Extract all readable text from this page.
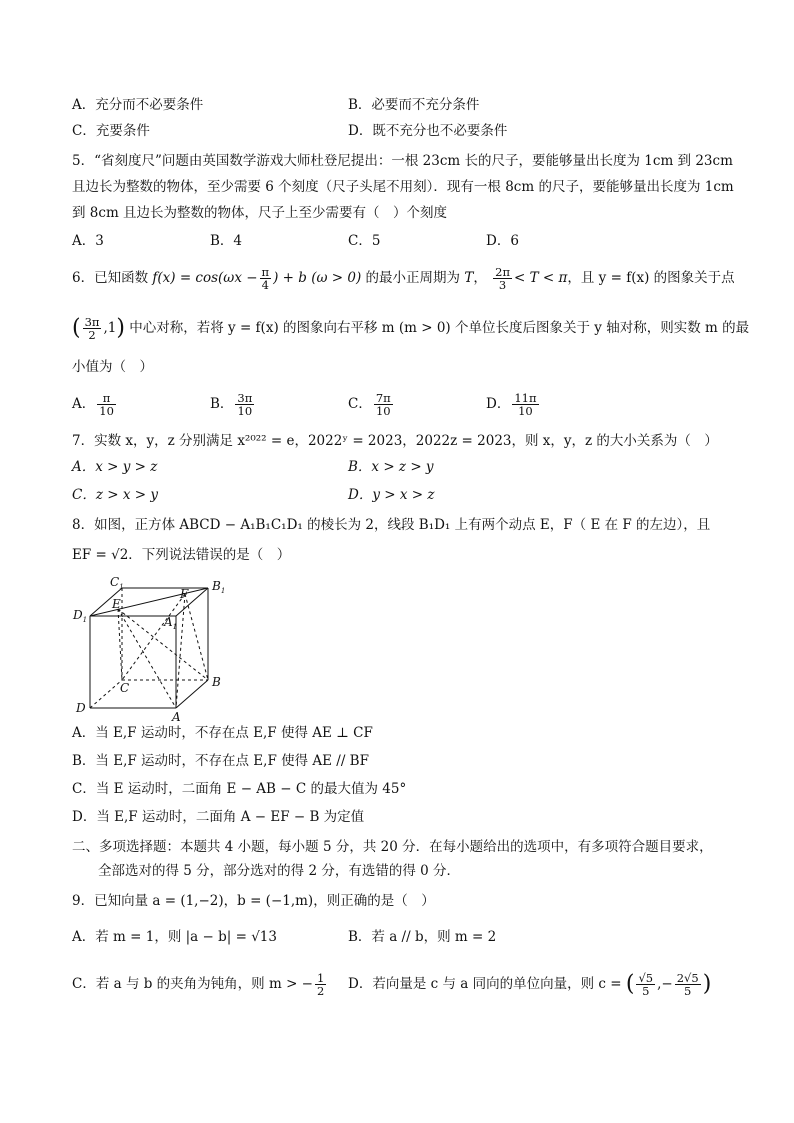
A．充分而不必要条件	B．必要而不充分条件
C．充要条件	D．既不充分也不必要条件
5．“省刻度尺”问题由英国数学游戏大师杜登尼提出：一根 23cm 长的尺子，要能够量出长度为 1cm 到 23cm
且边长为整数的物体，至少需要 6 个刻度（尺子头尾不用刻）．现有一根 8cm 的尺子，要能够量出长度为 1cm
到 8cm 且边长为整数的物体，尺子上至少需要有（　）个刻度
A．3	B．4	C．5	D．6
6．已知函数 $f(x) = \cos(\omega x - \frac{\pi}{4}$ ) + b (ω > 0) 的最小正周期为 T， $\frac{2\pi}{3} < T < \pi$，且 y = f(x) 的图象关于点
( $\frac{3\pi}{2} ,1$) 中心对称，若将 y = f(x) 的图象向右平移 m (m > 0) 个单位长度后图象关于 y 轴对称，则实数 m 的最
小值为（　）
A． $\frac{\pi}{10}$	B． $\frac{3\pi}{10}$	C． $\frac{7\pi}{10}$	D． $\frac{11\pi}{10}$
7．实数 x，y，z 分别满足 x²⁰²² = e，2022ʸ = 2023，2022z = 2023，则 x，y，z 的大小关系为（　）
A．x > y > z	B．x > z > y
C．z > x > y	D．y > x > z
8．如图，正方体 ABCD − A₁B₁C₁D₁ 的棱长为 2，线段 B₁D₁ 上有两个动点 E，F（ E 在 F 的左边），且
EF = √2．下列说法错误的是（　）
$C_1$	$B_1$
$D_1$
E
F
$A_1$
C	B
D
A
A．当 E,F 运动时，不存在点 E,F 使得 AE ⊥ CF
B．当 E,F 运动时，不存在点 E,F 使得 AE // BF
C．当 E 运动时，二面角 E − AB − C 的最大值为 45°
D．当 E,F 运动时，二面角 A − EF − B 为定值
二、多项选择题：本题共 4 小题，每小题 5 分，共 20 分．在每小题给出的选项中，有多项符合题目要求，
全部选对的得 5 分，部分选对的得 2 分，有选错的得 0 分．
9．已知向量 a = (1,−2)，b = (−1,m)，则正确的是（　）
A．若 m = 1，则 |a − b| = √13	B．若 a // b，则 m = 2
C．若 a 与 b 的夹角为钝角，则 m > − $\frac{1}{2}$ D．若向量是 c 与 a 同向的单位向量，则 c = ( $\frac{√5}{5}$ ,− $\frac{2√5}{5}$ )
